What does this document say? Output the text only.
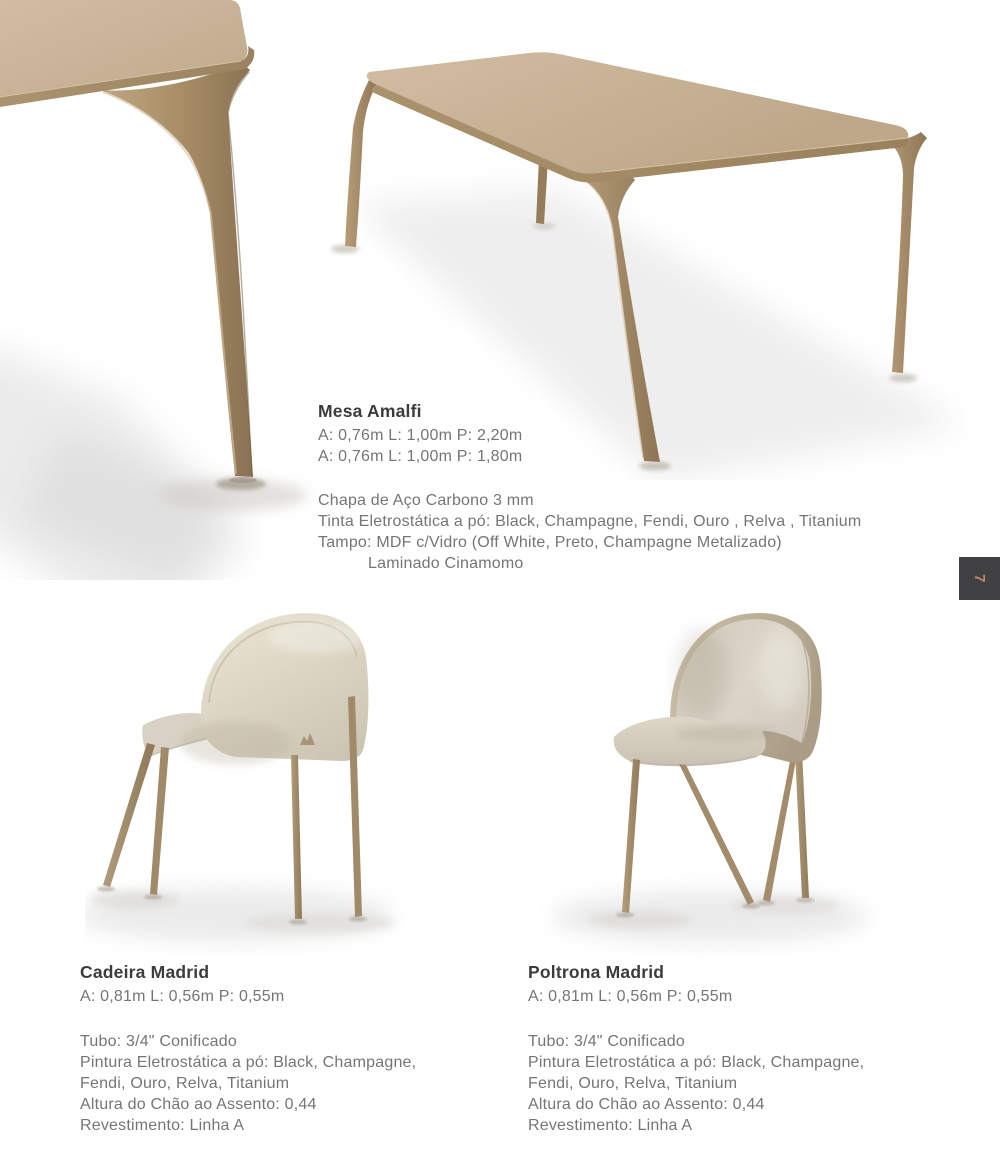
Mesa Amalfi
A: 0,76m L: 1,00m P: 2,20m
A: 0,76m L: 1,00m P: 1,80m
Chapa de Aço Carbono 3 mm
Tinta Eletrostática a pó: Black, Champagne, Fendi, Ouro , Relva , Titanium
Tampo: MDF c/Vidro (Off White, Preto, Champagne Metalizado)
Laminado Cinamomo
7
Cadeira Madrid
A: 0,81m L: 0,56m P: 0,55m
Tubo: 3/4" Conificado
Pintura Eletrostática a pó: Black, Champagne,
Fendi, Ouro, Relva, Titanium
Altura do Chão ao Assento: 0,44
Revestimento: Linha A
Poltrona Madrid
A: 0,81m L: 0,56m P: 0,55m
Tubo: 3/4" Conificado
Pintura Eletrostática a pó: Black, Champagne,
Fendi, Ouro, Relva, Titanium
Altura do Chão ao Assento: 0,44
Revestimento: Linha A
